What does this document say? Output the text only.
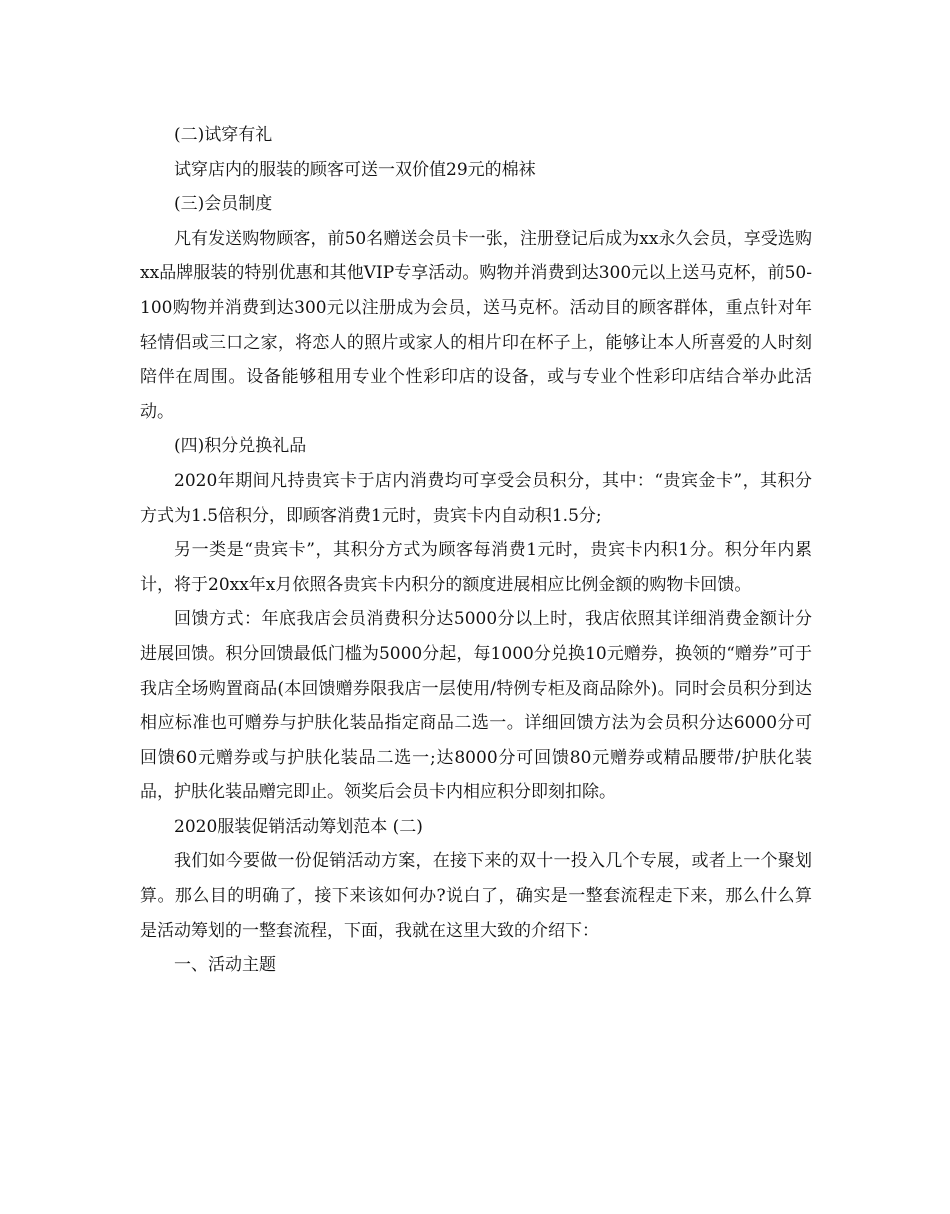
(二)试穿有礼

试穿店内的服装的顾客可送一双价值29元的棉袜

(三)会员制度

凡有发送购物顾客，前50名赠送会员卡一张，注册登记后成为xx永久会员，享受选购xx品牌服装的特别优惠和其他VIP专享活动。购物并消费到达300元以上送马克杯，前50-100购物并消费到达300元以注册成为会员，送马克杯。活动目的顾客群体，重点针对年轻情侣或三口之家，将恋人的照片或家人的相片印在杯子上，能够让本人所喜爱的人时刻陪伴在周围。设备能够租用专业个性彩印店的设备，或与专业个性彩印店结合举办此活动。

(四)积分兑换礼品

2020年期间凡持贵宾卡于店内消费均可享受会员积分，其中：“贵宾金卡”，其积分方式为1.5倍积分，即顾客消费1元时，贵宾卡内自动积1.5分;

另一类是“贵宾卡”，其积分方式为顾客每消费1元时，贵宾卡内积1分。积分年内累计，将于20xx年x月依照各贵宾卡内积分的额度进展相应比例金额的购物卡回馈。

回馈方式：年底我店会员消费积分达5000分以上时，我店依照其详细消费金额计分进展回馈。积分回馈最低门槛为5000分起，每1000分兑换10元赠券，换领的“赠券”可于我店全场购置商品(本回馈赠券限我店一层使用/特例专柜及商品除外)。同时会员积分到达相应标准也可赠券与护肤化装品指定商品二选一。详细回馈方法为会员积分达6000分可回馈60元赠券或与护肤化装品二选一;达8000分可回馈80元赠券或精品腰带/护肤化装品，护肤化装品赠完即止。领奖后会员卡内相应积分即刻扣除。

2020服装促销活动筹划范本 (二)

我们如今要做一份促销活动方案，在接下来的双十一投入几个专展，或者上一个聚划算。那么目的明确了，接下来该如何办?说白了，确实是一整套流程走下来，那么什么算是活动筹划的一整套流程，下面，我就在这里大致的介绍下：

一、活动主题
